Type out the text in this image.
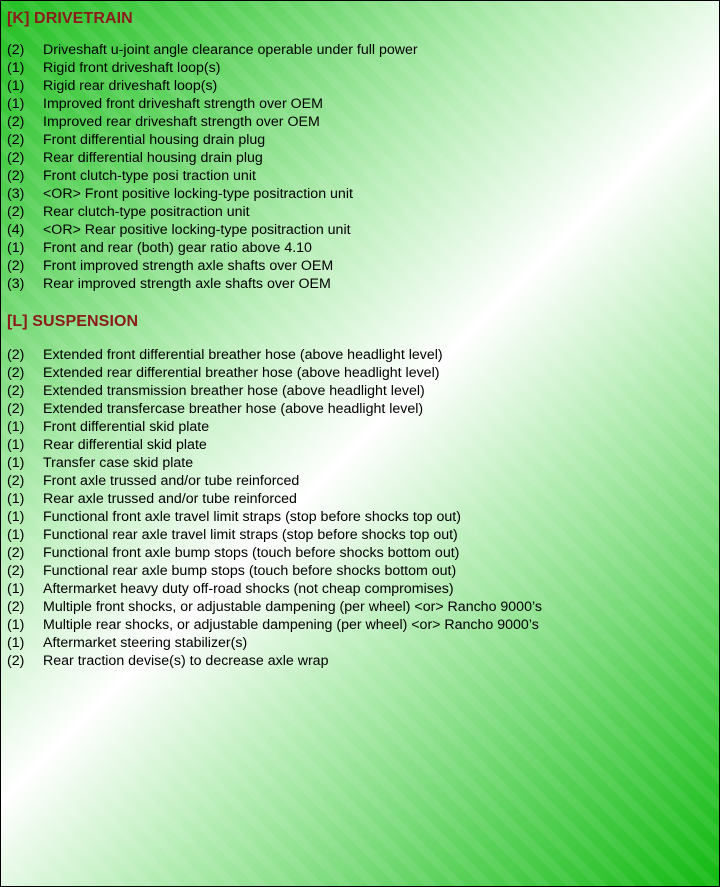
[K] DRIVETRAIN
(2)	Driveshaft u-joint angle clearance operable under full power
(1)	Rigid front driveshaft loop(s)
(1)	Rigid rear driveshaft loop(s)
(1)	Improved front driveshaft strength over OEM
(2)	Improved rear driveshaft strength over OEM
(2)	Front differential housing drain plug
(2)	Rear differential housing drain plug
(2)	Front clutch-type posi traction unit
(3)	<OR> Front positive locking-type positraction unit
(2)	Rear clutch-type positraction unit
(4)	<OR> Rear positive locking-type positraction unit
(1)	Front and rear (both) gear ratio above 4.10
(2)	Front improved strength axle shafts over OEM
(3)	Rear improved strength axle shafts over OEM
[L] SUSPENSION
(2)	Extended front differential breather hose (above headlight level)
(2)	Extended rear differential breather hose (above headlight level)
(2)	Extended transmission breather hose (above headlight level)
(2)	Extended transfercase breather hose (above headlight level)
(1)	Front differential skid plate
(1)	Rear differential skid plate
(1)	Transfer case skid plate
(2)	Front axle trussed and/or tube reinforced
(1)	Rear axle trussed and/or tube reinforced
(1)	Functional front axle travel limit straps (stop before shocks top out)
(1)	Functional rear axle travel limit straps (stop before shocks top out)
(2)	Functional front axle bump stops (touch before shocks bottom out)
(2)	Functional rear axle bump stops (touch before shocks bottom out)
(1)	Aftermarket heavy duty off-road shocks (not cheap compromises)
(2)	Multiple front shocks, or adjustable dampening (per wheel) <or> Rancho 9000’s
(1)	Multiple rear shocks, or adjustable dampening (per wheel) <or> Rancho 9000’s
(1)	Aftermarket steering stabilizer(s)
(2)	Rear traction devise(s) to decrease axle wrap
